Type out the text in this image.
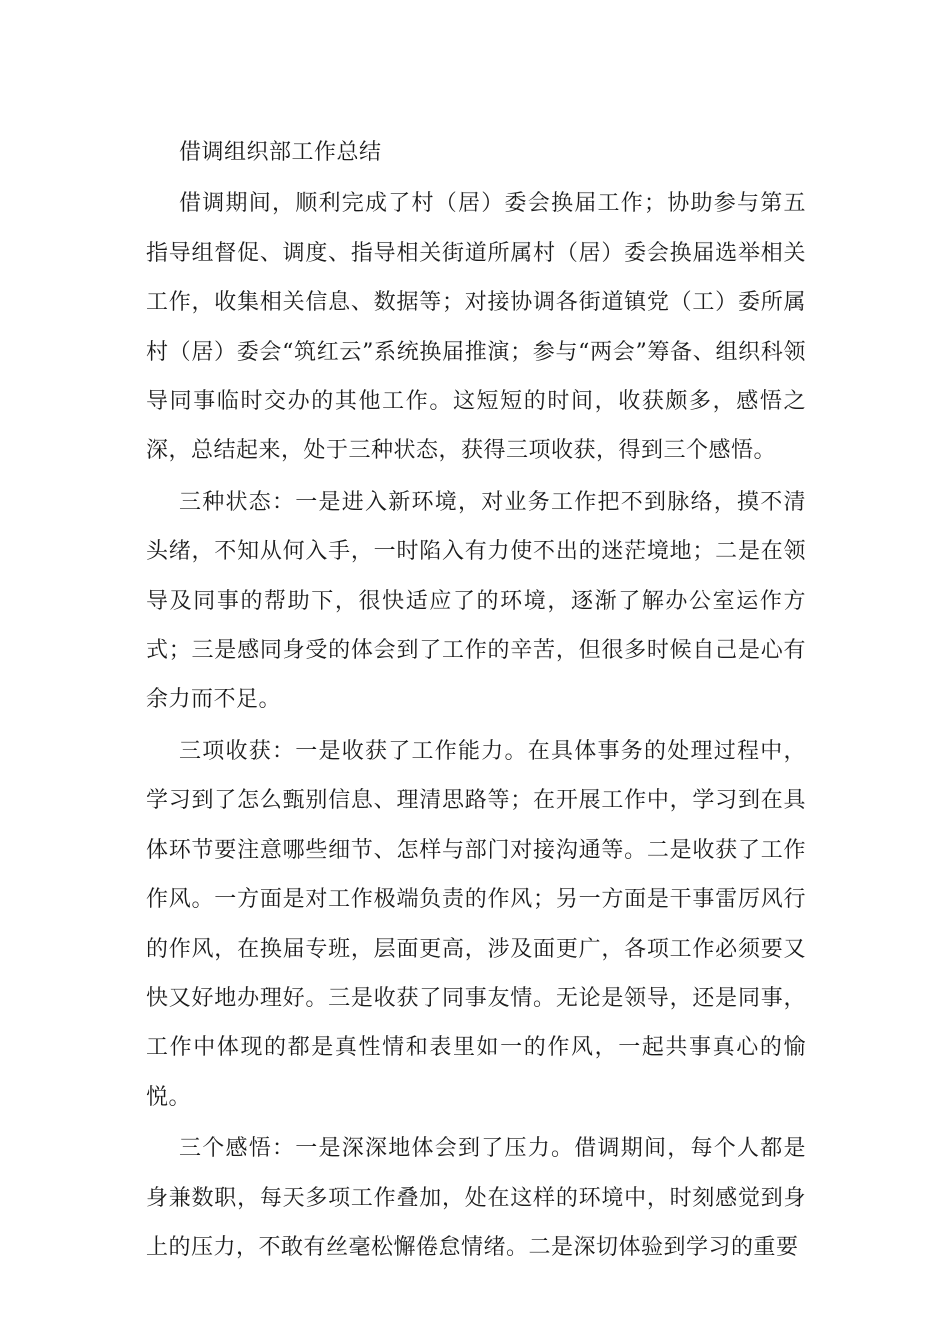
借调组织部工作总结

借调期间，顺利完成了村（居）委会换届工作；协助参与第五指导组督促、调度、指导相关街道所属村（居）委会换届选举相关工作，收集相关信息、数据等；对接协调各街道镇党（工）委所属村（居）委会“筑红云”系统换届推演；参与“两会”筹备、组织科领导同事临时交办的其他工作。这短短的时间，收获颇多，感悟之深，总结起来，处于三种状态，获得三项收获，得到三个感悟。

三种状态：一是进入新环境，对业务工作把不到脉络，摸不清头绪，不知从何入手，一时陷入有力使不出的迷茫境地；二是在领导及同事的帮助下，很快适应了的环境，逐渐了解办公室运作方式；三是感同身受的体会到了工作的辛苦，但很多时候自己是心有余力而不足。

三项收获：一是收获了工作能力。在具体事务的处理过程中，学习到了怎么甄别信息、理清思路等；在开展工作中，学习到在具体环节要注意哪些细节、怎样与部门对接沟通等。二是收获了工作作风。一方面是对工作极端负责的作风；另一方面是干事雷厉风行的作风，在换届专班，层面更高，涉及面更广，各项工作必须要又快又好地办理好。三是收获了同事友情。无论是领导，还是同事，工作中体现的都是真性情和表里如一的作风，一起共事真心的愉悦。

三个感悟：一是深深地体会到了压力。借调期间，每个人都是身兼数职，每天多项工作叠加，处在这样的环境中，时刻感觉到身上的压力，不敢有丝毫松懈倦怠情绪。二是深切体验到学习的重要
